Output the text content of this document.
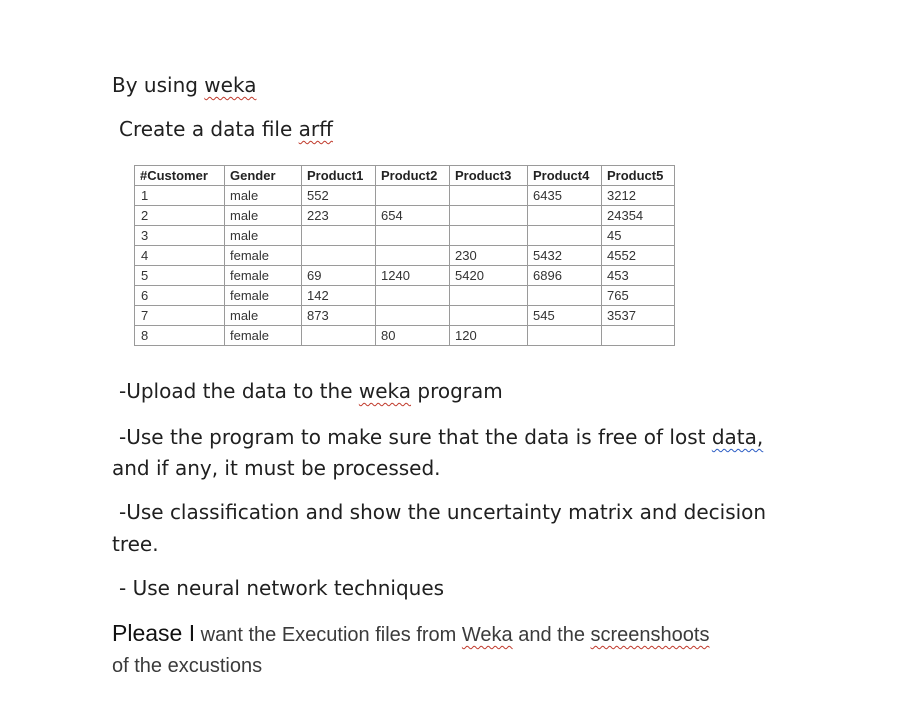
By using weka
Create a data file arff
#Customer	Gender	Product1	Product2	Product3	Product4	Product5
1	male	552			6435	3212
2	male	223	654			24354
3	male					45
4	female			230	5432	4552
5	female	69	1240	5420	6896	453
6	female	142				765
7	male	873			545	3537
8	female		80	120		
-Upload the data to the weka program
-Use the program to make sure that the data is free of lost data,
and if any, it must be processed.
-Use classification and show the uncertainty matrix and decision
tree.
- Use neural network techniques
Please I want the Execution files from Weka and the screenshoots
of the excustions
